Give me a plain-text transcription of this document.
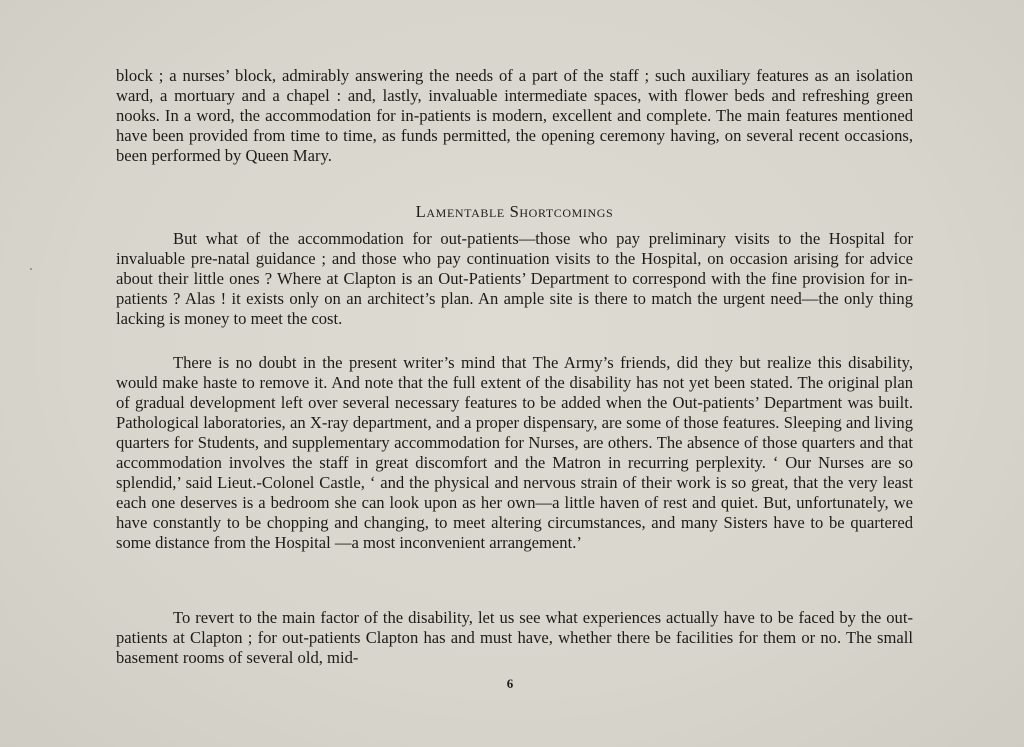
block ; a nurses’ block, admirably answering the needs of a part of the staff ; such auxiliary features as an isolation ward, a mortuary and a chapel : and, lastly, invaluable intermediate spaces, with flower beds and refreshing green nooks. In a word, the accommodation for in-patients is modern, excellent and complete. The main features mentioned have been provided from time to time, as funds permitted, the opening ceremony having, on several recent occasions, been performed by Queen Mary.

Lamentable Shortcomings

But what of the accommodation for out-patients—those who pay preliminary visits to the Hospital for invaluable pre-natal guidance ; and those who pay continuation visits to the Hospital, on occasion arising for advice about their little ones ? Where at Clapton is an Out-Patients’ Department to correspond with the fine provision for in-patients ? Alas ! it exists only on an architect’s plan. An ample site is there to match the urgent need—the only thing lacking is money to meet the cost.

There is no doubt in the present writer’s mind that The Army’s friends, did they but realize this disability, would make haste to remove it. And note that the full extent of the disability has not yet been stated. The original plan of gradual development left over several necessary features to be added when the Out-patients’ Department was built. Pathological laboratories, an X-ray department, and a proper dispensary, are some of those features. Sleeping and living quarters for Students, and supplementary accommodation for Nurses, are others. The absence of those quarters and that accommodation involves the staff in great discomfort and the Matron in recurring perplexity. ‘ Our Nurses are so splendid,’ said Lieut.-Colonel Castle, ‘ and the physical and nervous strain of their work is so great, that the very least each one deserves is a bedroom she can look upon as her own—a little haven of rest and quiet. But, unfortunately, we have constantly to be chopping and changing, to meet altering circumstances, and many Sisters have to be quartered some distance from the Hospital —a most inconvenient arrangement.’

To revert to the main factor of the disability, let us see what experiences actually have to be faced by the out-patients at Clapton ; for out-patients Clapton has and must have, whether there be facilities for them or no. The small basement rooms of several old, mid-

6
